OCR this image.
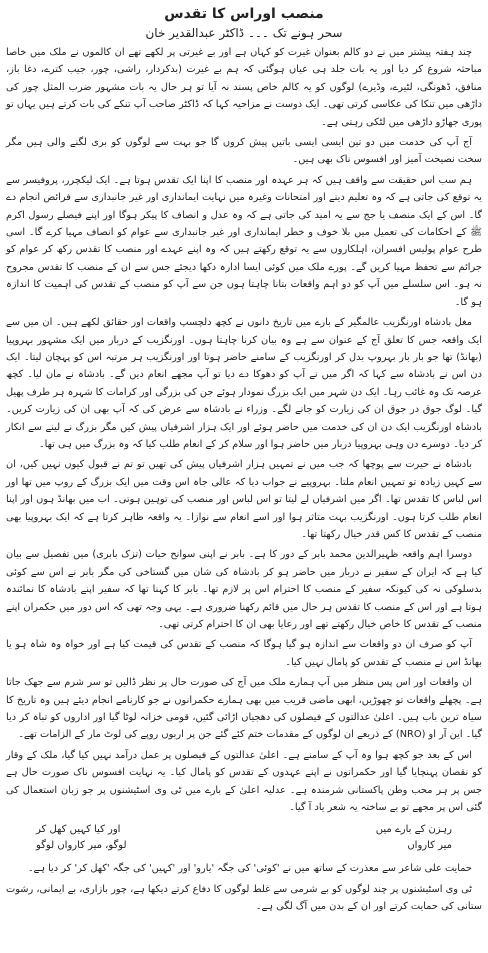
منصب اوراس کا تقدس
سحر ہونے تک ۔۔۔ ڈاکٹر عبدالقدیر خان

چند ہفتہ پیشتر میں نے دو کالم بعنوان غیرت کو کہاں ہے اور بے غیرتی پر لکھے تھے ان کالموں نے ملک میں خاصا مباحثہ شروع کر دیا اور یہ بات جلد ہی عیاں ہوگئی کہ ہم بے غیرت (بدکردار، راشی، چور، جیب کترے، دغا باز، منافق، ڈھونگی، لٹیرے، وڈیرے) لوگوں کو یہ کالم خاص پسند نہ آیا تو ہر حال یہ بات مشہور ضرب المثل چور کی داڑھی میں تنکا کی عکاسی کرتی تھی۔ ایک دوست نے مزاحیہ کہا کہ ڈاکٹر صاحب آپ تنکے کی بات کرتے ہیں یہاں تو پوری جھاڑو داڑھی میں لٹکی رہتی ہے۔

آج آپ کی خدمت میں دو تین ایسی ایسی باتیں پیش کروں گا جو بہت سے لوگوں کو بری لگنے والی ہیں مگر سخت نصیحت آمیز اور افسوس ناک بھی ہیں۔

ہم سب اس حقیقت سے واقف ہیں کہ ہر عہدہ اور منصب کا اپنا ایک تقدس ہوتا ہے۔ ایک لیکچرر، پروفیسر سے یہ توقع کی جاتی ہے کہ وہ تعلیم دینے اور امتحانات وغیرہ میں نہایت ایمانداری اور غیر جانبداری سے فرائض انجام دے گا۔ اس کے ایک منصف یا جج سے یہ امید کی جاتی ہے کہ وہ عدل و انصاف کا پیکر ہوگا اور اپنے فیصلے رسول اکرم ﷺ کے احکامات کی تعمیل میں بلا خوف و خطر ایمانداری اور غیر جانبداری سے عوام کو انصاف مہیا کرے گا۔ اسی طرح عوام پولیس افسران، اہلکاروں سے یہ توقع رکھتے ہیں کہ وہ اپنے عہدے اور منصب کا تقدس رکھ کر عوام کو جرائم سے تحفظ مہیا کریں گے۔ پورے ملک میں کوئی ایسا ادارہ دکھا دیجئے جس سے ان کے منصب کا تقدس مجروح نہ ہو۔ اس سلسلے میں آپ کو دو اہم واقعات بتانا چاہتا ہوں جن سے آپ کو منصب کے تقدس کی اہمیت کا اندازہ ہو گا۔

مغل بادشاہ اورنگزیب عالمگیر کے بارے میں تاریخ دانوں نے کچھ دلچسپ واقعات اور حقائق لکھے ہیں۔ ان میں سے ایک واقعہ جس کا تعلق آج کے عنوان سے ہے وہ بیان کرنا چاہتا ہوں۔ اورنگزیب کے دربار میں ایک مشہور بہروپیا (بھانڈ) تھا جو بار بار بہروپ بدل کر اورنگزیب کے سامنے حاضر ہوتا اور اورنگزیب ہر مرتبہ اس کو پہچان لیتا۔ ایک دن اس نے بادشاہ سے کہا کہ اگر میں نے آپ کو دھوکا دے دیا تو آپ مجھے انعام دیں گے۔ بادشاہ نے مان لیا۔ کچھ عرصہ تک وہ غائب رہا۔ ایک دن شہر میں ایک بزرگ نمودار ہوئے جن کی بزرگی اور کرامات کا شہرہ ہر طرف پھیل گیا۔ لوگ جوق در جوق ان کی زیارت کو جانے لگے۔ وزراء نے بادشاہ سے عرض کی کہ آپ بھی ان کی زیارت کریں۔ بادشاہ اورنگزیب ایک دن ان کی خدمت میں حاضر ہوئے اور ایک ہزار اشرفیاں پیش کیں مگر بزرگ نے لینے سے انکار کر دیا۔ دوسرے دن وہی بہروپیا دربار میں حاضر ہوا اور سلام کر کے انعام طلب کیا کہ وہ بزرگ میں ہی تھا۔

بادشاہ نے حیرت سے پوچھا کہ جب میں نے تمہیں ہزار اشرفیاں پیش کی تھیں تو تم نے قبول کیوں نہیں کیں، ان سے کہیں زیادہ تو تمہیں انعام ملتا۔ بہروپیے نے جواب دیا کہ عالی جاہ اس وقت میں ایک بزرگ کے روپ میں تھا اور اس لباس کا تقدس تھا۔ اگر میں اشرفیاں لے لیتا تو اس لباس اور منصب کی توہین ہوتی۔ اب میں بھانڈ ہوں اور اپنا انعام طلب کرتا ہوں۔ اورنگزیب بہت متاثر ہوا اور اسے انعام سے نوازا۔ یہ واقعہ ظاہر کرتا ہے کہ ایک بہروپیا بھی منصب کے تقدس کا کس قدر خیال رکھتا تھا۔

دوسرا اہم واقعہ ظہیرالدین محمد بابر کے دور کا ہے۔ بابر نے اپنی سوانح حیات (تزک بابری) میں تفصیل سے بیان کیا ہے کہ ایران کے سفیر نے دربار میں حاضر ہو کر بادشاہ کی شان میں گستاخی کی مگر بابر نے اس سے کوئی بدسلوکی نہ کی کیونکہ سفیر کے منصب کا احترام اس پر لازم تھا۔ بابر کا کہنا تھا کہ سفیر اپنے بادشاہ کا نمائندہ ہوتا ہے اور اس کے منصب کا تقدس ہر حال میں قائم رکھنا ضروری ہے۔ یہی وجہ تھی کہ اس دور میں حکمران اپنے منصب کے تقدس کا خاص خیال رکھتے تھے اور رعایا بھی ان کا احترام کرتی تھی۔

آپ کو صرف ان دو واقعات سے اندازہ ہو گیا ہوگا کہ منصب کے تقدس کی قیمت کیا ہے اور خواہ وہ شاہ ہو یا بھانڈ اس نے منصب کے تقدس کو پامال نہیں کیا۔

ان واقعات اور اس پس منظر میں آپ ہمارے ملک میں آج کی صورت حال پر نظر ڈالیں تو سر شرم سے جھک جاتا ہے۔ پچھلے واقعات تو چھوڑیں، ابھی ماضی قریب میں بھی ہمارے حکمرانوں نے جو کارنامے انجام دیئے ہیں وہ تاریخ کا سیاہ ترین باب ہیں۔ اعلیٰ عدالتوں کے فیصلوں کی دھجیاں اڑائی گئیں، قومی خزانہ لوٹا گیا اور اداروں کو تباہ کر دیا گیا۔ این آر او (NRO) کے ذریعے ان لوگوں کے مقدمات ختم کئے گئے جن پر اربوں روپے کی لوٹ مار کے الزامات تھے۔

اس کے بعد جو کچھ ہوا وہ آپ کے سامنے ہے۔ اعلیٰ عدالتوں کے فیصلوں پر عمل درآمد نہیں کیا گیا، ملک کے وقار کو نقصان پہنچایا گیا اور حکمرانوں نے اپنے عہدوں کے تقدس کو پامال کیا۔ یہ نہایت افسوس ناک صورت حال ہے جس پر ہر محب وطن پاکستانی شرمندہ ہے۔ عدلیہ اعلیٰ کے بارے میں ٹی وی اسٹیشنوں پر جو زبان استعمال کی گئی اس پر مجھے تو بے ساختہ یہ شعر یاد آ گیا۔

رہزن کے بارے میں
اور کیا کہیں کھل کر
میر کارواں
لوگو، میر کارواں لوگو

حمایت علی شاعر سے معذرت کے ساتھ میں نے 'کوئی' کی جگہ 'یارو' اور 'کہیں' کی جگہ 'کھل کر' کر دیا ہے۔

ٹی وی اسٹیشنوں پر چند لوگوں کو بے شرمی سے غلط لوگوں کا دفاع کرتے دیکھا ہے، چور بازاری، بے ایمانی، رشوت ستانی کی حمایت کرتے اور ان کے بدن میں آگ لگی ہے۔
